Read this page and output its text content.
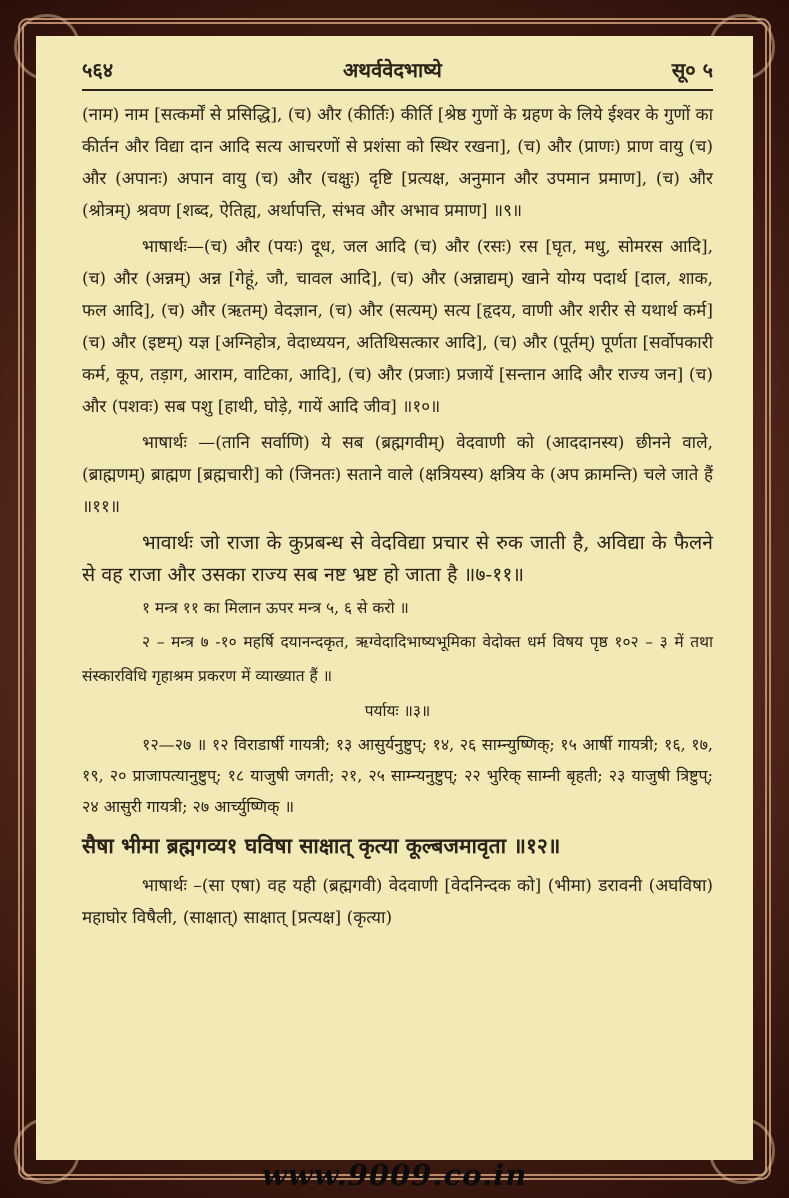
५६४	अथर्ववेदभाष्ये	सू० ५

(नाम) नाम [सत्कर्मों से प्रसिद्धि], (च) और (कीर्तिः) कीर्ति [श्रेष्ठ गुणों के ग्रहण के लिये ईश्वर के गुणों का कीर्तन और विद्या दान आदि सत्य आचरणों से प्रशंसा को स्थिर रखना], (च) और (प्राणः) प्राण वायु (च) और (अपानः) अपान वायु (च) और (चक्षुः) दृष्टि [प्रत्यक्ष, अनुमान और उपमान प्रमाण], (च) और (श्रोत्रम्) श्रवण [शब्द, ऐतिह्य, अर्थापत्ति, संभव और अभाव प्रमाण] ॥९॥

भाषार्थः—(च) और (पयः) दूध, जल आदि (च) और (रसः) रस [घृत, मधु, सोमरस आदि], (च) और (अन्नम्) अन्न [गेहूं, जौ, चावल आदि], (च) और (अन्नाद्यम्) खाने योग्य पदार्थ [दाल, शाक, फल आदि], (च) और (ऋतम्) वेदज्ञान, (च) और (सत्यम्) सत्य [हृदय, वाणी और शरीर से यथार्थ कर्म] (च) और (इष्टम्) यज्ञ [अग्निहोत्र, वेदाध्ययन, अतिथिसत्कार आदि], (च) और (पूर्तम्) पूर्णता [सर्वोपकारी कर्म, कूप, तड़ाग, आराम, वाटिका, आदि], (च) और (प्रजाः) प्रजायें [सन्तान आदि और राज्य जन] (च) और (पशवः) सब पशु [हाथी, घोड़े, गायें आदि जीव] ॥१०॥

भाषार्थः —(तानि सर्वाणि) ये सब (ब्रह्मगवीम्) वेदवाणी को (आददानस्य) छीनने वाले, (ब्राह्मणम्) ब्राह्मण [ब्रह्मचारी] को (जिनतः) सताने वाले (क्षत्रियस्य) क्षत्रिय के (अप क्रामन्ति) चले जाते हैं ॥११॥

भावार्थः जो राजा के कुप्रबन्ध से वेदविद्या प्रचार से रुक जाती है, अविद्या के फैलने से वह राजा और उसका राज्य सब नष्ट भ्रष्ट हो जाता है ॥७-११॥

१ मन्त्र ११ का मिलान ऊपर मन्त्र ५, ६ से करो ॥

२ – मन्त्र ७ -१० महर्षि दयानन्दकृत, ऋग्वेदादिभाष्यभूमिका वेदोक्त धर्म विषय पृष्ठ १०२ – ३ में तथा संस्कारविधि गृहाश्रम प्रकरण में व्याख्यात हैं ॥

पर्यायः ॥३॥

१२—२७ ॥ १२ विराडार्षी गायत्री; १३ आसुर्यनुष्टुप्; १४, २६ साम्न्युष्णिक्; १५ आर्षी गायत्री; १६, १७, १९, २० प्राजापत्यानुष्टुप्; १८ याजुषी जगती; २१, २५ साम्न्यनुष्टुप्; २२ भुरिक् साम्नी बृहती; २३ याजुषी त्रिष्टुप्; २४ आसुरी गायत्री; २७ आर्च्युष्णिक् ॥

सैषा भीमा ब्रह्मगव्य१ घविषा साक्षात् कृत्या कूल्बजमावृता ॥१२॥

भाषार्थः –(सा एषा) वह यही (ब्रह्मगवी) वेदवाणी [वेदनिन्दक को] (भीमा) डरावनी (अघविषा) महाघोर विषैली, (साक्षात्) साक्षात् [प्रत्यक्ष] (कृत्या)

www.9009.co.in
